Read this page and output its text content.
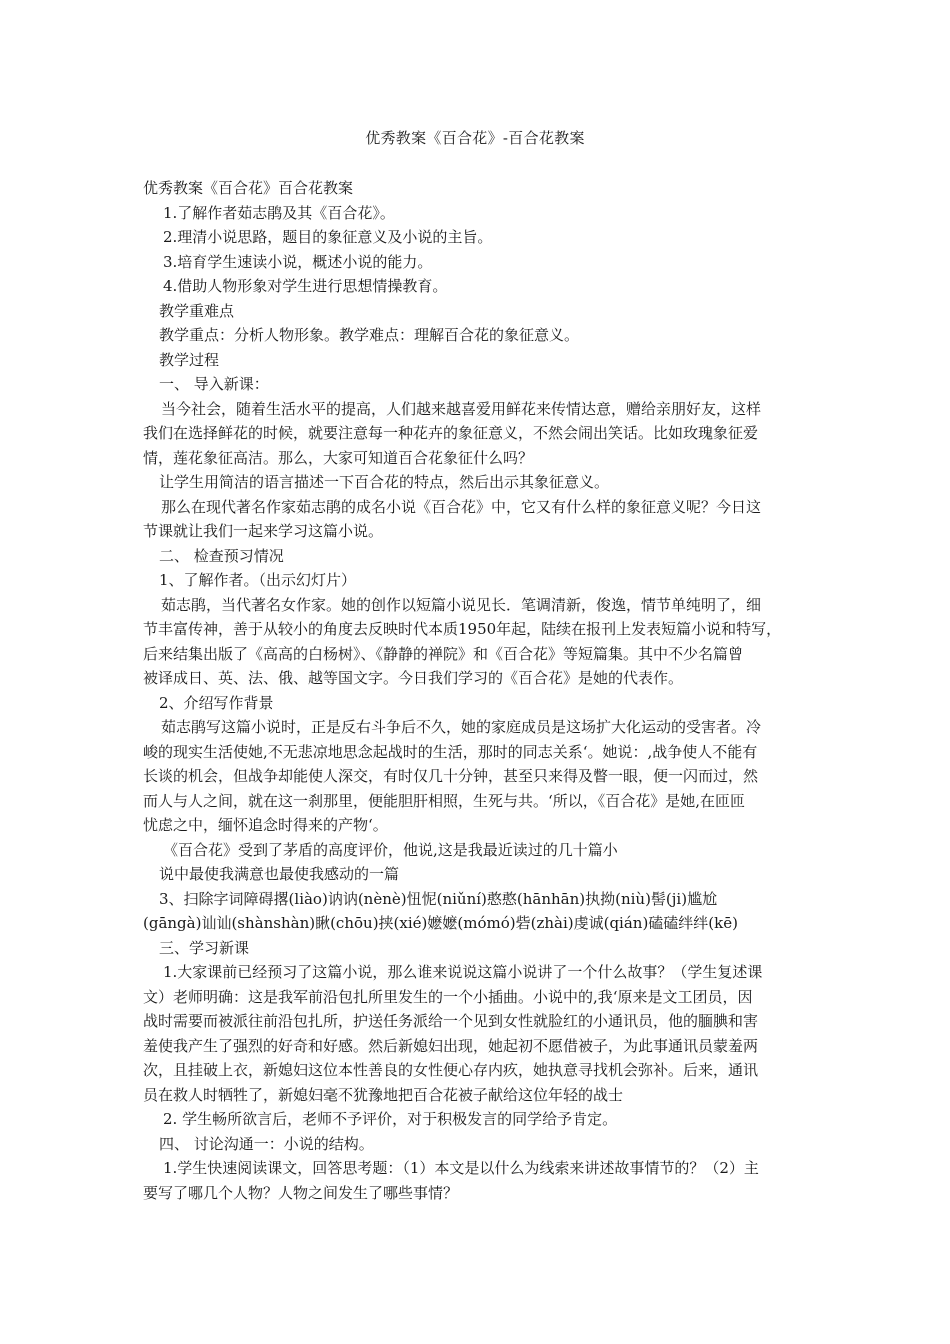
优秀教案《百合花》-百合花教案

优秀教案《百合花》百合花教案

1.了解作者茹志鹃及其《百合花》。

2.理清小说思路，题目的象征意义及小说的主旨。

3.培育学生速读小说，概述小说的能力。

4.借助人物形象对学生进行思想情操教育。

教学重难点

教学重点：分析人物形象。教学难点：理解百合花的象征意义。

教学过程

一、 导入新课：

当今社会，随着生活水平的提高，人们越来越喜爱用鲜花来传情达意，赠给亲朋好友，这样

我们在选择鲜花的时候，就要注意每一种花卉的象征意义，不然会闹出笑话。比如玫瑰象征爱

情，莲花象征高洁。那么，大家可知道百合花象征什么吗？

让学生用简洁的语言描述一下百合花的特点，然后出示其象征意义。

那么在现代著名作家茹志鹃的成名小说《百合花》中，它又有什么样的象征意义呢？今日这

节课就让我们一起来学习这篇小说。

二、 检查预习情况

1、了解作者。（出示幻灯片）

茹志鹃，当代著名女作家。她的创作以短篇小说见长．笔调清新，俊逸，情节单纯明了，细

节丰富传神，善于从较小的角度去反映时代本质1950年起，陆续在报刊上发表短篇小说和特写，

后来结集出版了《高高的白杨树》、《静静的禅院》和《百合花》等短篇集。其中不少名篇曾

被译成日、英、法、俄、越等国文字。今日我们学习的《百合花》是她的代表作。

2、介绍写作背景

茹志鹃写这篇小说时，正是反右斗争后不久，她的家庭成员是这场扩大化运动的受害者。冷

峻的现实生活使她,不无悲凉地思念起战时的生活，那时的同志关系‘。她说：,战争使人不能有

长谈的机会，但战争却能使人深交，有时仅几十分钟，甚至只来得及瞥一眼，便一闪而过，然

而人与人之间，就在这一刹那里，便能胆肝相照，生死与共。‘所以，《百合花》是她,在匝匝

忧虑之中，缅怀追念时得来的产物‘。

《百合花》受到了茅盾的高度评价，他说,这是我最近读过的几十篇小

说中最使我满意也最使我感动的一篇

3、扫除字词障碍撂(liào)讷讷(nènè)忸怩(niǔní)憨憨(hānhān)执拗(niù)髻(ji)尴尬

(gāngà)讪讪(shànshàn)瞅(chōu)挟(xié)嬷嬷(mómó)砦(zhài)虔诚(qián)磕磕绊绊(kē)

三、学习新课

1.大家课前已经预习了这篇小说，那么谁来说说这篇小说讲了一个什么故事？（学生复述课

文）老师明确：这是我军前沿包扎所里发生的一个小插曲。小说中的,我‘原来是文工团员，因

战时需要而被派往前沿包扎所，护送任务派给一个见到女性就脸红的小通讯员，他的腼腆和害

羞使我产生了强烈的好奇和好感。然后新媳妇出现，她起初不愿借被子，为此事通讯员蒙羞两

次，且挂破上衣，新媳妇这位本性善良的女性便心存内疚，她执意寻找机会弥补。后来，通讯

员在救人时牺牲了，新媳妇毫不犹豫地把百合花被子献给这位年轻的战士

2. 学生畅所欲言后，老师不予评价，对于积极发言的同学给予肯定。

四、 讨论沟通一：小说的结构。

1.学生快速阅读课文，回答思考题：（1）本文是以什么为线索来讲述故事情节的？（2）主

要写了哪几个人物？人物之间发生了哪些事情？
